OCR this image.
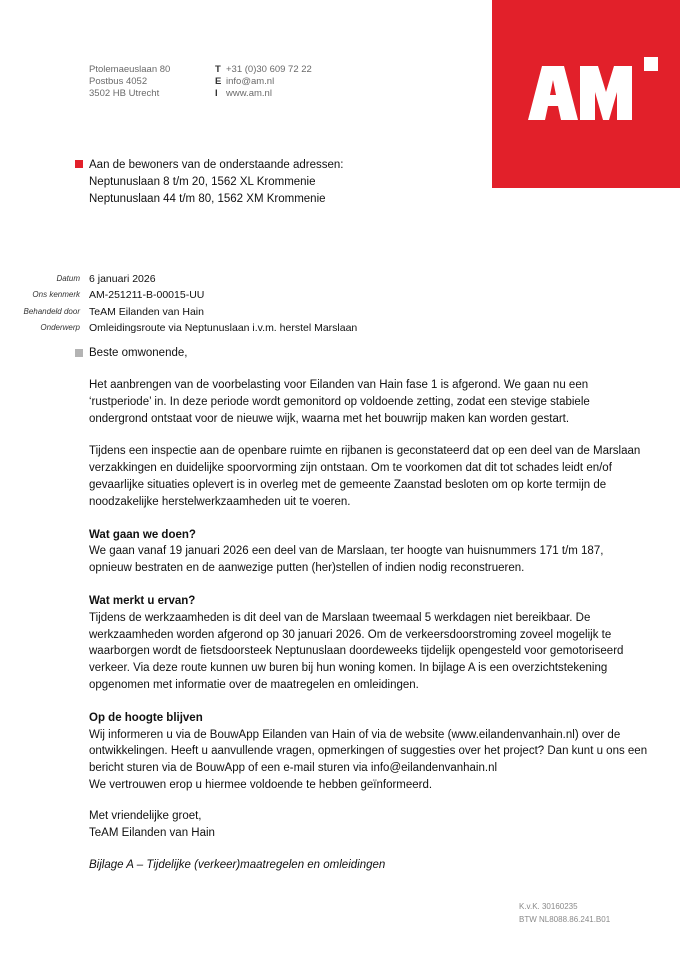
Ptolemaeuslaan 80
Postbus 4052
3502 HB Utrecht
T +31 (0)30 609 72 22
E info@am.nl
I www.am.nl
Aan de bewoners van de onderstaande adressen:
Neptunuslaan 8 t/m 20, 1562 XL Krommenie
Neptunuslaan 44 t/m 80, 1562 XM Krommenie
Datum 6 januari 2026
Ons kenmerk AM-251211-B-00015-UU
Behandeld door TeAM Eilanden van Hain
Onderwerp Omleidingsroute via Neptunuslaan i.v.m. herstel Marslaan
Beste omwonende,

Het aanbrengen van de voorbelasting voor Eilanden van Hain fase 1 is afgerond. We gaan nu een ‘rustperiode’ in. In deze periode wordt gemonitord op voldoende zetting, zodat een stevige stabiele ondergrond ontstaat voor de nieuwe wijk, waarna met het bouwrijp maken kan worden gestart.

Tijdens een inspectie aan de openbare ruimte en rijbanen is geconstateerd dat op een deel van de Marslaan verzakkingen en duidelijke spoorvorming zijn ontstaan. Om te voorkomen dat dit tot schades leidt en/of gevaarlijke situaties oplevert is in overleg met de gemeente Zaanstad besloten om op korte termijn de noodzakelijke herstelwerkzaamheden uit te voeren.

Wat gaan we doen?

We gaan vanaf 19 januari 2026 een deel van de Marslaan, ter hoogte van huisnummers 171 t/m 187, opnieuw bestraten en de aanwezige putten (her)stellen of indien nodig reconstrueren.

Wat merkt u ervan?

Tijdens de werkzaamheden is dit deel van de Marslaan tweemaal 5 werkdagen niet bereikbaar. De werkzaamheden worden afgerond op 30 januari 2026. Om de verkeersdoorstroming zoveel mogelijk te waarborgen wordt de fietsdoorsteek Neptunuslaan doordeweeks tijdelijk opengesteld voor gemotoriseerd verkeer. Via deze route kunnen uw buren bij hun woning komen. In bijlage A is een overzichtstekening opgenomen met informatie over de maatregelen en omleidingen.

Op de hoogte blijven

Wij informeren u via de BouwApp Eilanden van Hain of via de website (www.eilandenvanhain.nl) over de ontwikkelingen. Heeft u aanvullende vragen, opmerkingen of suggesties over het project? Dan kunt u ons een bericht sturen via de BouwApp of een e-mail sturen via info@eilandenvanhain.nl

We vertrouwen erop u hiermee voldoende te hebben geïnformeerd.

Met vriendelijke groet,
TeAM Eilanden van Hain
Bijlage A – Tijdelijke (verkeer)maatregelen en omleidingen
K.v.K. 30160235
BTW NL8088.86.241.B01
